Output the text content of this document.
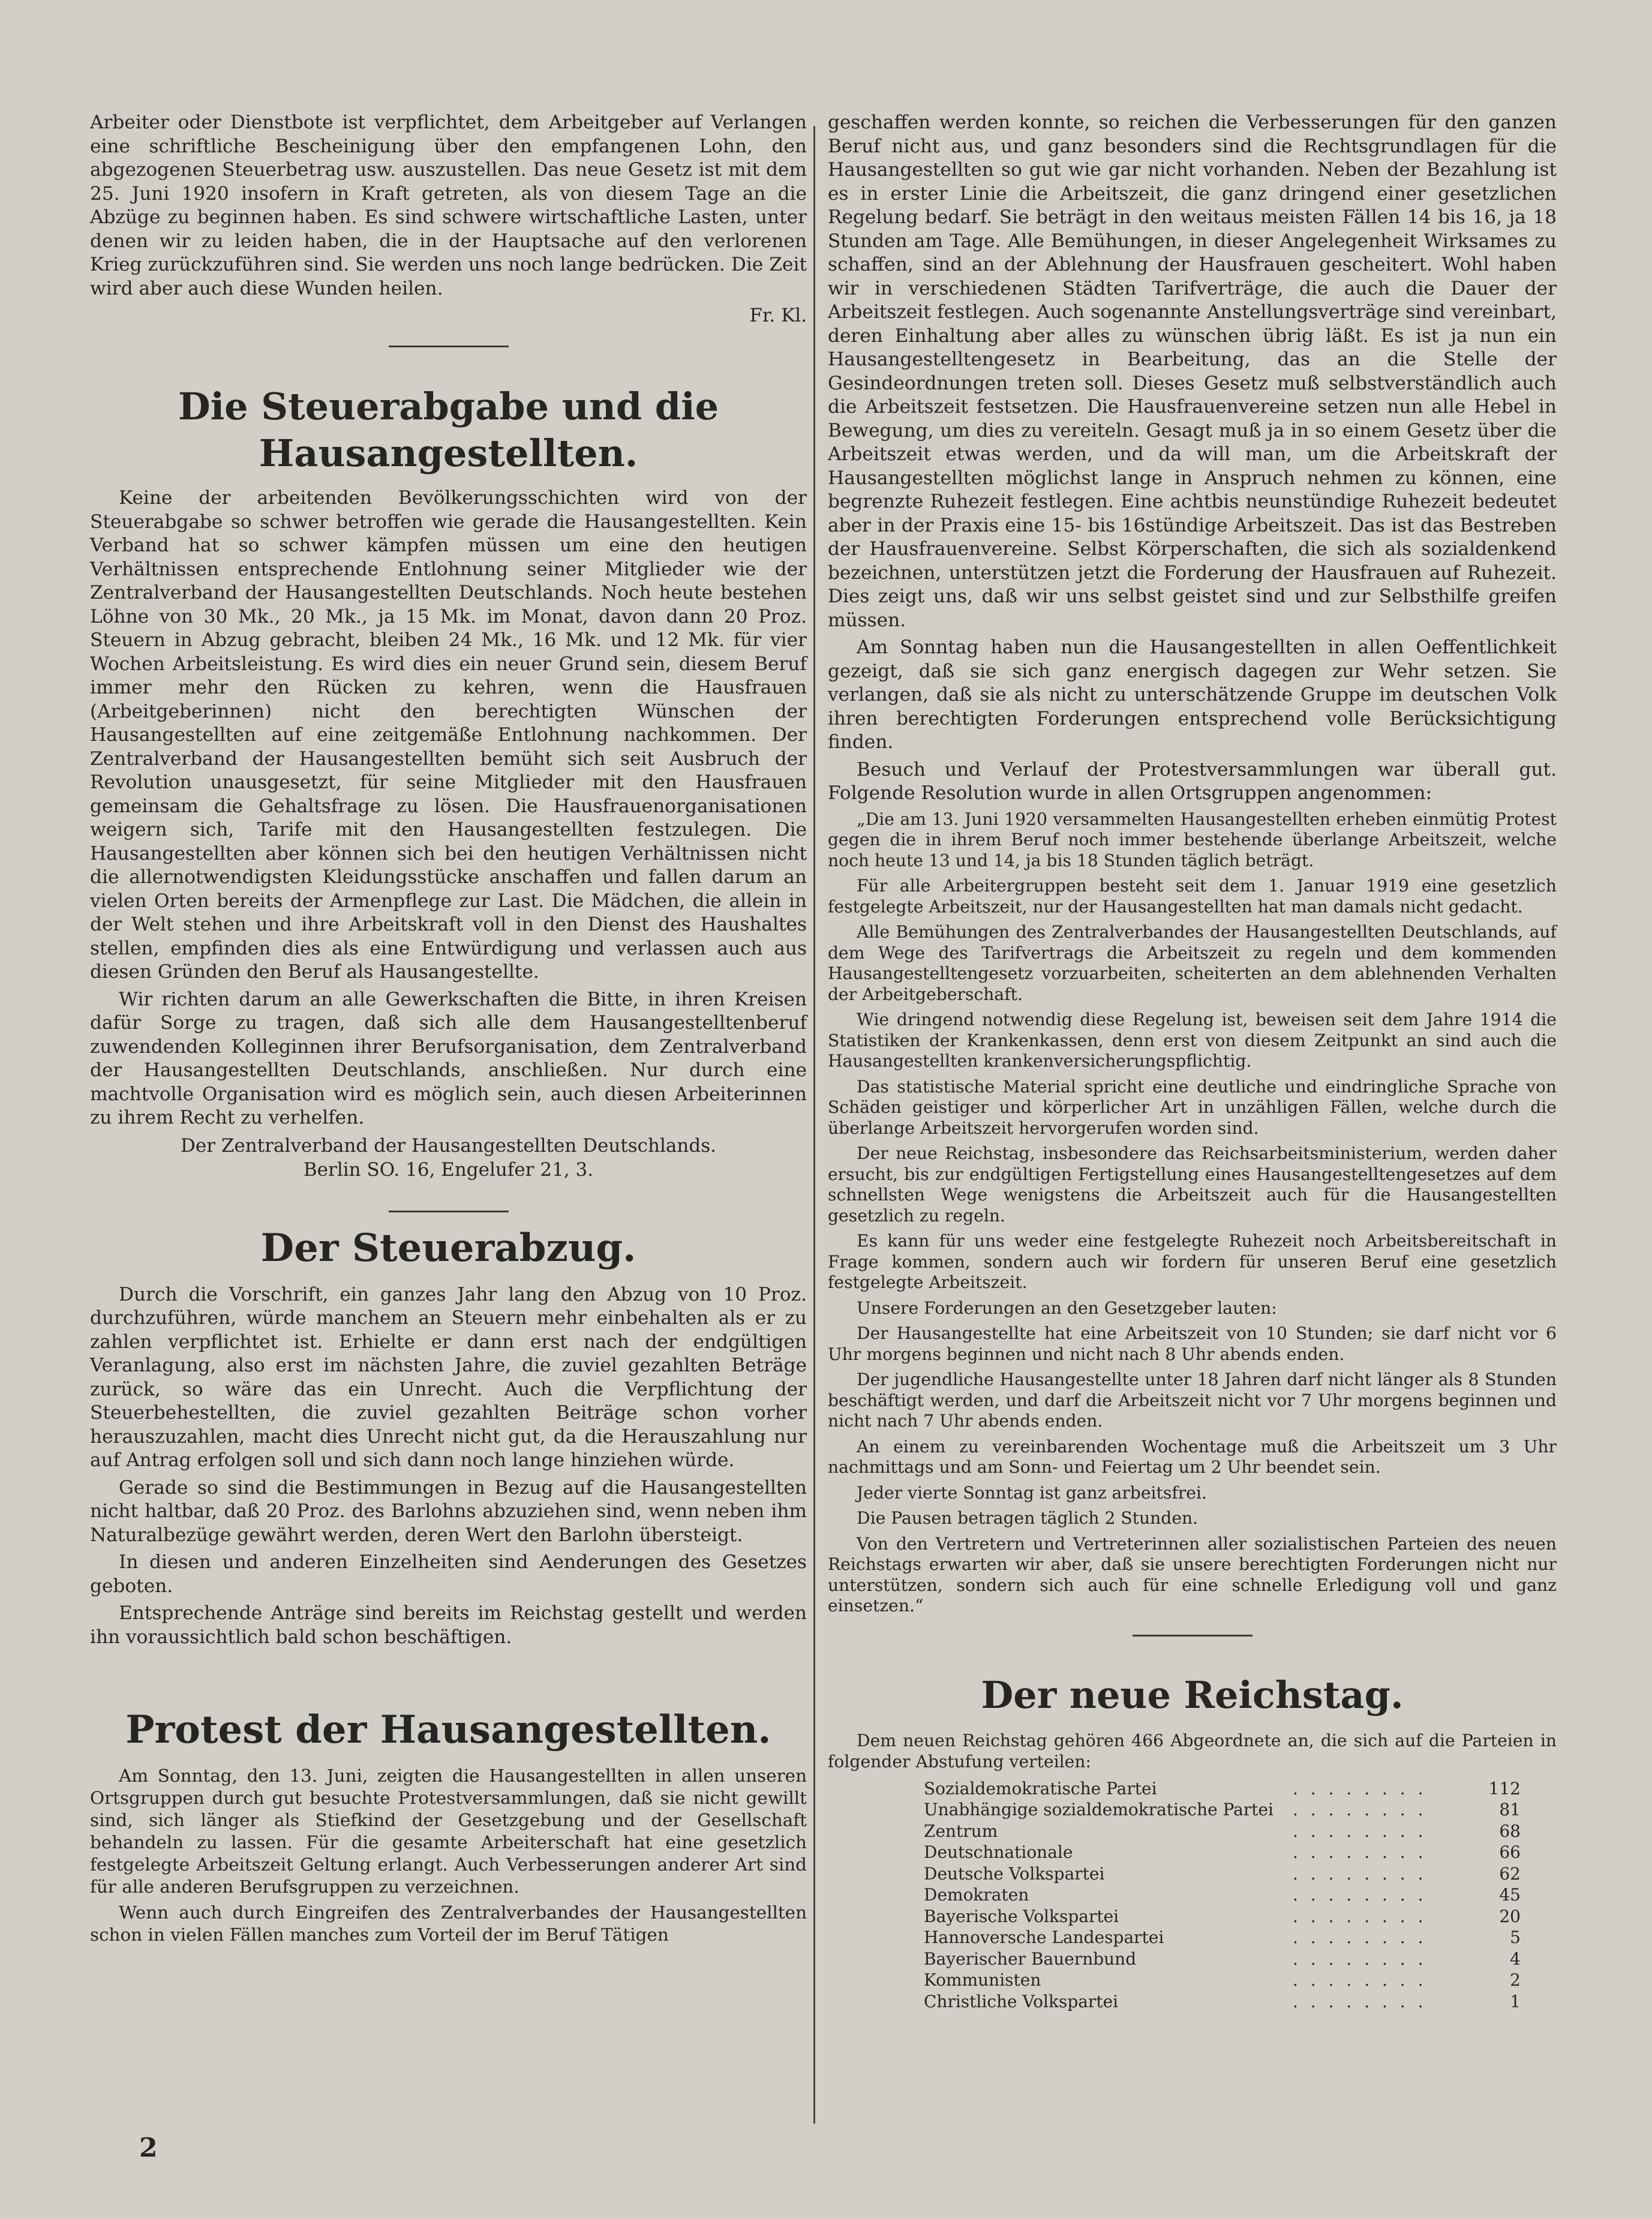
Arbeiter oder Dienstbote ist verpflichtet, dem Arbeitgeber auf Verlangen eine schriftliche Bescheinigung über den empfangenen Lohn, den abgezogenen Steuerbetrag usw. auszustellen. Das neue Gesetz ist mit dem 25. Juni 1920 insofern in Kraft getreten, als von diesem Tage an die Abzüge zu beginnen haben. Es sind schwere wirtschaftliche Lasten, unter denen wir zu leiden haben, die in der Hauptsache auf den verlorenen Krieg zurückzuführen sind. Sie werden uns noch lange bedrücken. Die Zeit wird aber auch diese Wunden heilen.

Fr. Kl.
Die Steuerabgabe und die Hausangestellten.

Keine der arbeitenden Bevölkerungsschichten wird von der Steuerabgabe so schwer betroffen wie gerade die Hausangestellten. Kein Verband hat so schwer kämpfen müssen um eine den heutigen Verhältnissen entsprechende Entlohnung seiner Mitglieder wie der Zentralverband der Hausangestellten Deutschlands. Noch heute bestehen Löhne von 30 Mk., 20 Mk., ja 15 Mk. im Monat, davon dann 20 Proz. Steuern in Abzug gebracht, bleiben 24 Mk., 16 Mk. und 12 Mk. für vier Wochen Arbeitsleistung. Es wird dies ein neuer Grund sein, diesem Beruf immer mehr den Rücken zu kehren, wenn die Hausfrauen (Arbeitgeberinnen) nicht den berechtigten Wünschen der Hausangestellten auf eine zeitgemäße Entlohnung nachkommen. Der Zentralverband der Hausangestellten bemüht sich seit Ausbruch der Revolution unausgesetzt, für seine Mitglieder mit den Hausfrauen gemeinsam die Gehaltsfrage zu lösen. Die Hausfrauenorganisationen weigern sich, Tarife mit den Hausangestellten festzulegen. Die Hausangestellten aber können sich bei den heutigen Verhältnissen nicht die allernotwendigsten Kleidungsstücke anschaffen und fallen darum an vielen Orten bereits der Armenpflege zur Last. Die Mädchen, die allein in der Welt stehen und ihre Arbeitskraft voll in den Dienst des Haushaltes stellen, empfinden dies als eine Entwürdigung und verlassen auch aus diesen Gründen den Beruf als Hausangestellte.

Wir richten darum an alle Gewerkschaften die Bitte, in ihren Kreisen dafür Sorge zu tragen, daß sich alle dem Hausangestelltenberuf zuwendenden Kolleginnen ihrer Berufsorganisation, dem Zentralverband der Hausangestellten Deutschlands, anschließen. Nur durch eine machtvolle Organisation wird es möglich sein, auch diesen Arbeiterinnen zu ihrem Recht zu verhelfen.

Der Zentralverband der Hausangestellten Deutschlands.
Berlin SO. 16, Engelufer 21, 3.
Der Steuerabzug.

Durch die Vorschrift, ein ganzes Jahr lang den Abzug von 10 Proz. durchzuführen, würde manchem an Steuern mehr einbehalten als er zu zahlen verpflichtet ist. Erhielte er dann erst nach der endgültigen Veranlagung, also erst im nächsten Jahre, die zuviel gezahlten Beträge zurück, so wäre das ein Unrecht. Auch die Verpflichtung der Steuerbehestellten, die zuviel gezahlten Beiträge schon vorher herauszuzahlen, macht dies Unrecht nicht gut, da die Herauszahlung nur auf Antrag erfolgen soll und sich dann noch lange hinziehen würde.

Gerade so sind die Bestimmungen in Bezug auf die Hausangestellten nicht haltbar, daß 20 Proz. des Barlohns abzuziehen sind, wenn neben ihm Naturalbezüge gewährt werden, deren Wert den Barlohn übersteigt.

In diesen und anderen Einzelheiten sind Aenderungen des Gesetzes geboten.

Entsprechende Anträge sind bereits im Reichstag gestellt und werden ihn voraussichtlich bald schon beschäftigen.

Protest der Hausangestellten.

Am Sonntag, den 13. Juni, zeigten die Hausangestellten in allen unseren Ortsgruppen durch gut besuchte Protestversammlungen, daß sie nicht gewillt sind, sich länger als Stiefkind der Gesetzgebung und der Gesellschaft behandeln zu lassen. Für die gesamte Arbeiterschaft hat eine gesetzlich festgelegte Arbeitszeit Geltung erlangt. Auch Verbesserungen anderer Art sind für alle anderen Berufsgruppen zu verzeichnen.

Wenn auch durch Eingreifen des Zentralverbandes der Hausangestellten schon in vielen Fällen manches zum Vorteil der im Beruf Tätigen

geschaffen werden konnte, so reichen die Verbesserungen für den ganzen Beruf nicht aus, und ganz besonders sind die Rechtsgrundlagen für die Hausangestellten so gut wie gar nicht vorhanden. Neben der Bezahlung ist es in erster Linie die Arbeitszeit, die ganz dringend einer gesetzlichen Regelung bedarf. Sie beträgt in den weitaus meisten Fällen 14 bis 16, ja 18 Stunden am Tage. Alle Bemühungen, in dieser Angelegenheit Wirksames zu schaffen, sind an der Ablehnung der Hausfrauen gescheitert. Wohl haben wir in verschiedenen Städten Tarifverträge, die auch die Dauer der Arbeitszeit festlegen. Auch sogenannte Anstellungsverträge sind vereinbart, deren Einhaltung aber alles zu wünschen übrig läßt. Es ist ja nun ein Hausangestelltengesetz in Bearbeitung, das an die Stelle der Gesindeordnungen treten soll. Dieses Gesetz muß selbstverständlich auch die Arbeitszeit festsetzen. Die Hausfrauenvereine setzen nun alle Hebel in Bewegung, um dies zu vereiteln. Gesagt muß ja in so einem Gesetz über die Arbeitszeit etwas werden, und da will man, um die Arbeitskraft der Hausangestellten möglichst lange in Anspruch nehmen zu können, eine begrenzte Ruhezeit festlegen. Eine achtbis neunstündige Ruhezeit bedeutet aber in der Praxis eine 15- bis 16stündige Arbeitszeit. Das ist das Bestreben der Hausfrauenvereine. Selbst Körperschaften, die sich als sozialdenkend bezeichnen, unterstützen jetzt die Forderung der Hausfrauen auf Ruhezeit. Dies zeigt uns, daß wir uns selbst geistet sind und zur Selbsthilfe greifen müssen.

Am Sonntag haben nun die Hausangestellten in allen Oeffentlichkeit gezeigt, daß sie sich ganz energisch dagegen zur Wehr setzen. Sie verlangen, daß sie als nicht zu unterschätzende Gruppe im deutschen Volk ihren berechtigten Forderungen entsprechend volle Berücksichtigung finden.

Besuch und Verlauf der Protestversammlungen war überall gut. Folgende Resolution wurde in allen Ortsgruppen angenommen:

„Die am 13. Juni 1920 versammelten Hausangestellten erheben einmütig Protest gegen die in ihrem Beruf noch immer bestehende überlange Arbeitszeit, welche noch heute 13 und 14, ja bis 18 Stunden täglich beträgt.

Für alle Arbeitergruppen besteht seit dem 1. Januar 1919 eine gesetzlich festgelegte Arbeitszeit, nur der Hausangestellten hat man damals nicht gedacht.

Alle Bemühungen des Zentralverbandes der Hausangestellten Deutschlands, auf dem Wege des Tarifvertrags die Arbeitszeit zu regeln und dem kommenden Hausangestelltengesetz vorzuarbeiten, scheiterten an dem ablehnenden Verhalten der Arbeitgeberschaft.

Wie dringend notwendig diese Regelung ist, beweisen seit dem Jahre 1914 die Statistiken der Krankenkassen, denn erst von diesem Zeitpunkt an sind auch die Hausangestellten krankenversicherungspflichtig.

Das statistische Material spricht eine deutliche und eindringliche Sprache von Schäden geistiger und körperlicher Art in unzähligen Fällen, welche durch die überlange Arbeitszeit hervorgerufen worden sind.

Der neue Reichstag, insbesondere das Reichsarbeitsministerium, werden daher ersucht, bis zur endgültigen Fertigstellung eines Hausangestelltengesetzes auf dem schnellsten Wege wenigstens die Arbeitszeit auch für die Hausangestellten gesetzlich zu regeln.

Es kann für uns weder eine festgelegte Ruhezeit noch Arbeitsbereitschaft in Frage kommen, sondern auch wir fordern für unseren Beruf eine gesetzlich festgelegte Arbeitszeit.

Unsere Forderungen an den Gesetzgeber lauten:

Der Hausangestellte hat eine Arbeitszeit von 10 Stunden; sie darf nicht vor 6 Uhr morgens beginnen und nicht nach 8 Uhr abends enden.

Der jugendliche Hausangestellte unter 18 Jahren darf nicht länger als 8 Stunden beschäftigt werden, und darf die Arbeitszeit nicht vor 7 Uhr morgens beginnen und nicht nach 7 Uhr abends enden.

An einem zu vereinbarenden Wochentage muß die Arbeitszeit um 3 Uhr nachmittags und am Sonn- und Feiertag um 2 Uhr beendet sein.

Jeder vierte Sonntag ist ganz arbeitsfrei.

Die Pausen betragen täglich 2 Stunden.

Von den Vertretern und Vertreterinnen aller sozialistischen Parteien des neuen Reichstags erwarten wir aber, daß sie unsere berechtigten Forderungen nicht nur unterstützen, sondern sich auch für eine schnelle Erledigung voll und ganz einsetzen.“

Der neue Reichstag.

Dem neuen Reichstag gehören 466 Abgeordnete an, die sich auf die Parteien in folgender Abstufung verteilen:

Sozialdemokratische Partei	. . . . . . . .	112
Unabhängige sozialdemokratische Partei	. . . . . . . .	81
Zentrum	. . . . . . . .	68
Deutschnationale	. . . . . . . .	66
Deutsche Volkspartei	. . . . . . . .	62
Demokraten	. . . . . . . .	45
Bayerische Volkspartei	. . . . . . . .	20
Hannoversche Landespartei	. . . . . . . .	5
Bayerischer Bauernbund	. . . . . . . .	4
Kommunisten	. . . . . . . .	2
Christliche Volkspartei	. . . . . . . .	1
2
